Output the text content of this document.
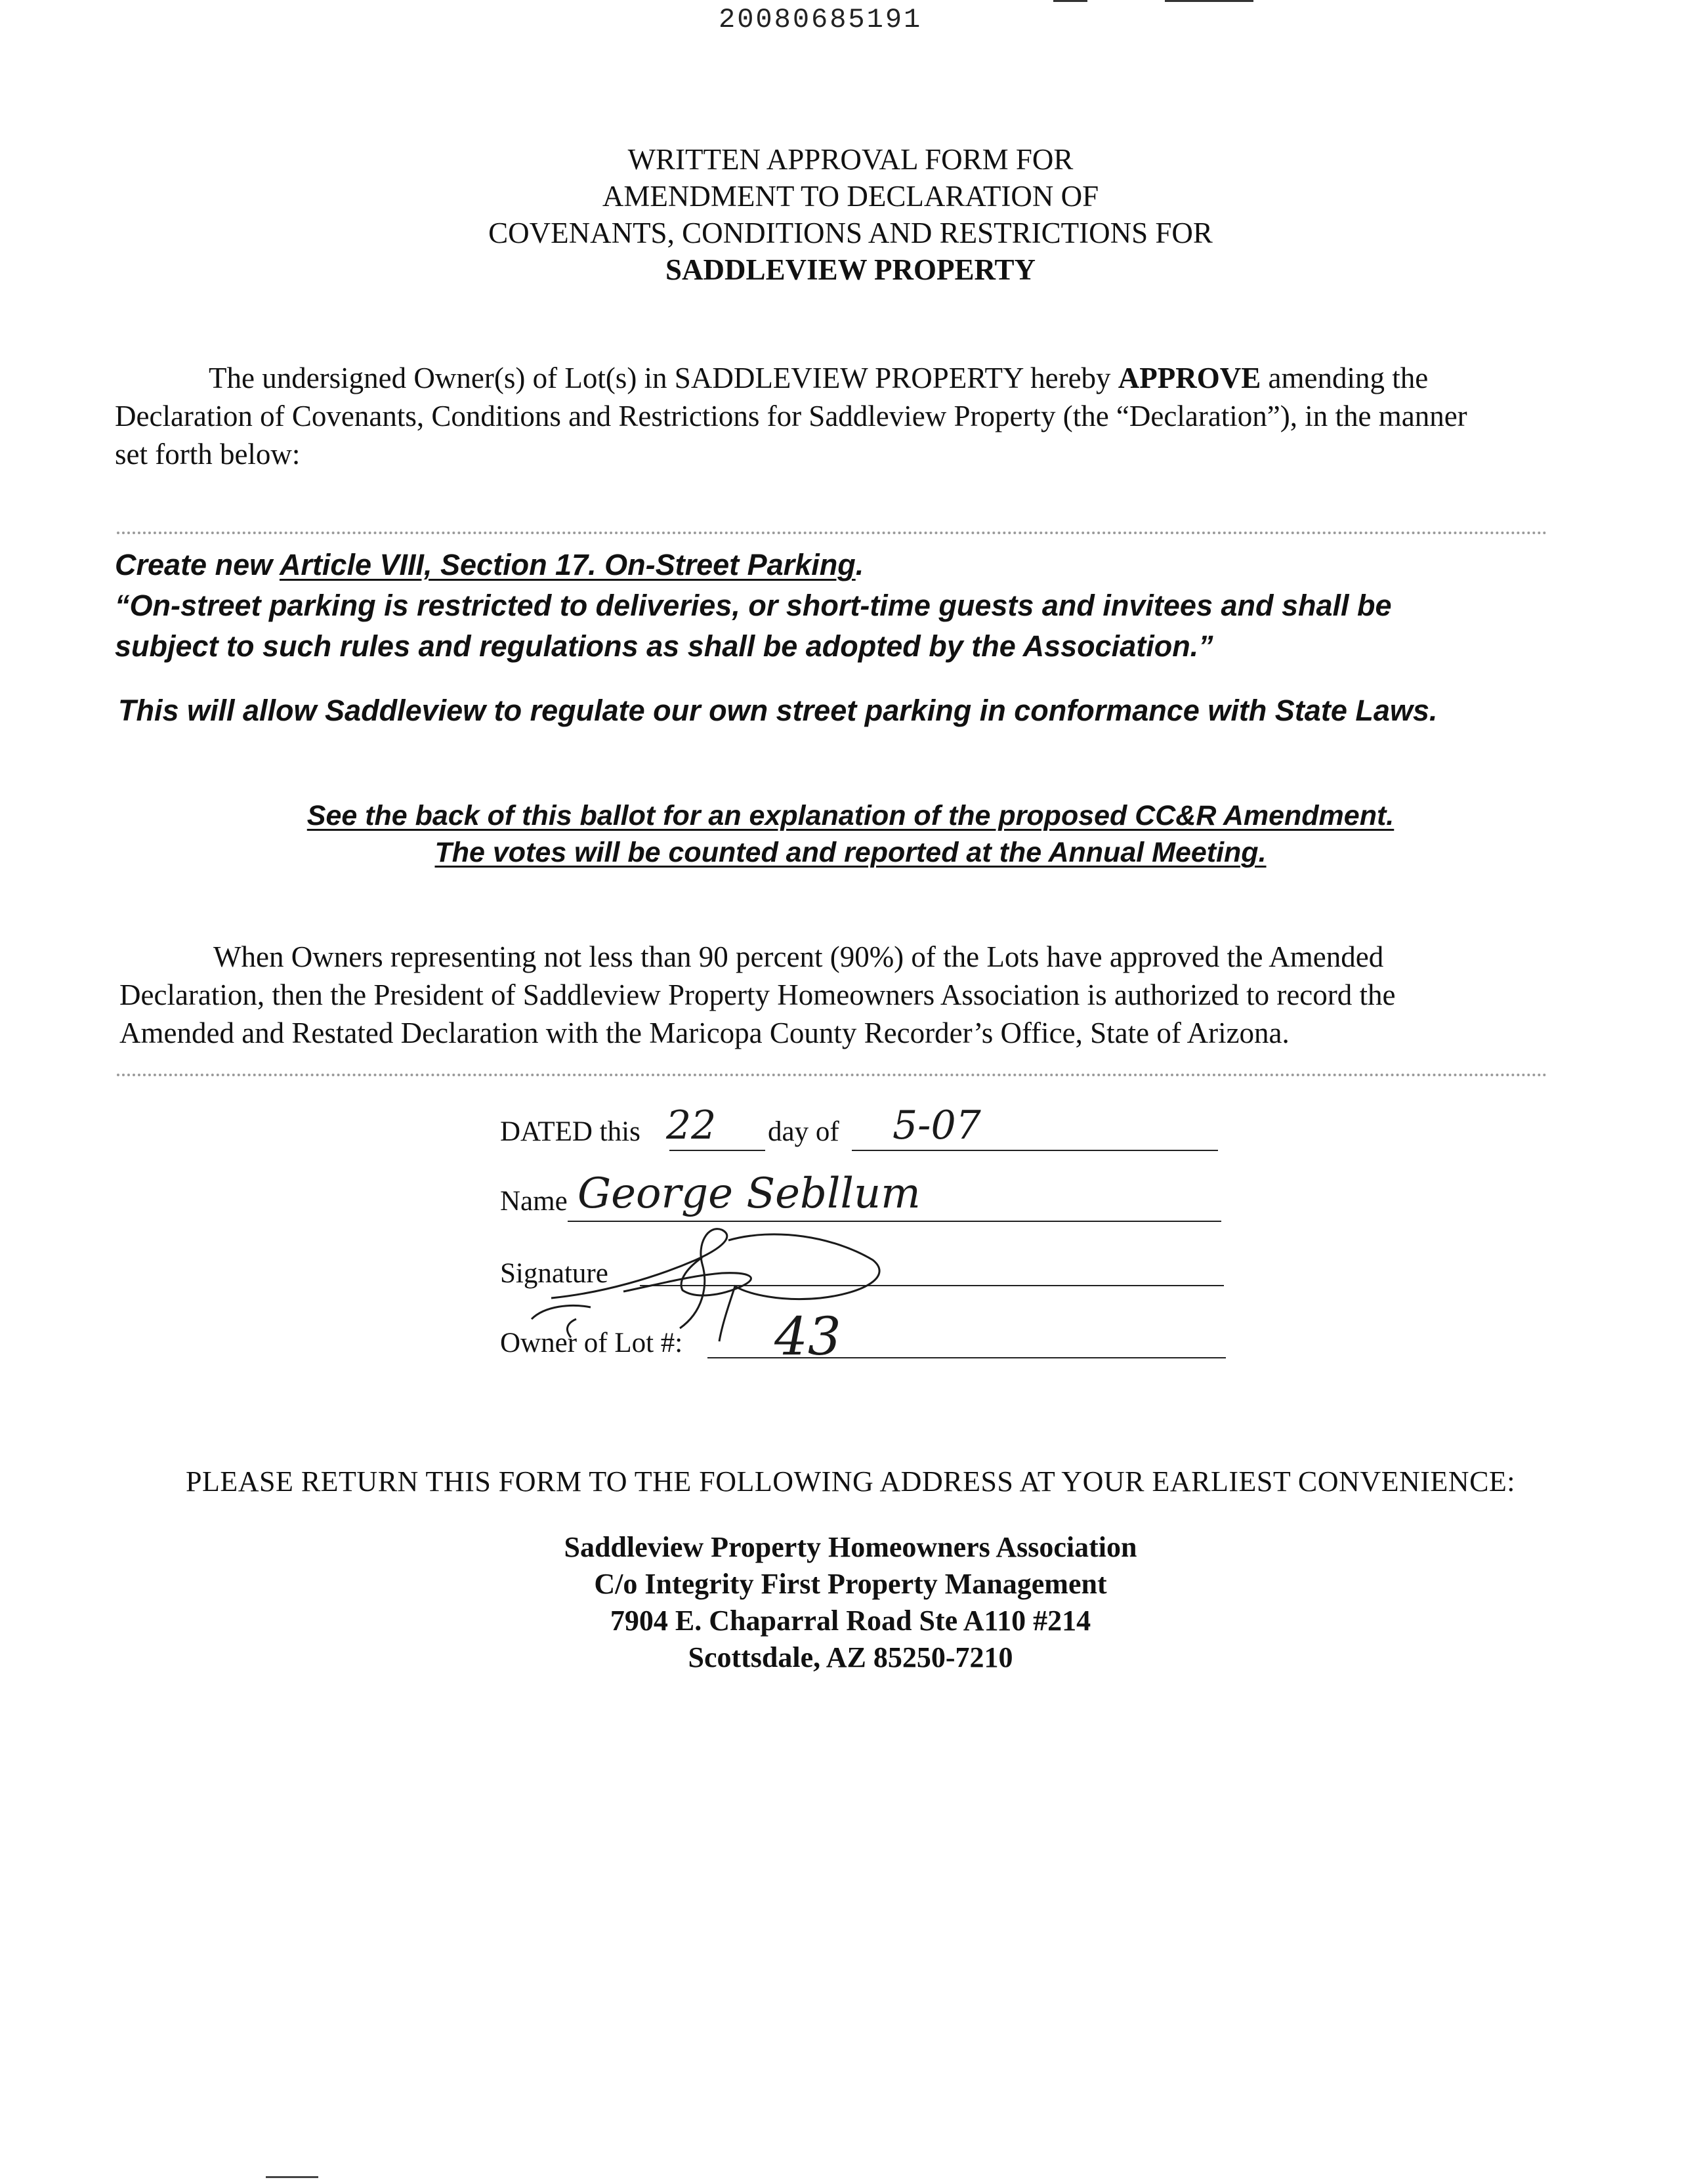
20080685191
WRITTEN APPROVAL FORM FOR
AMENDMENT TO DECLARATION OF
COVENANTS, CONDITIONS AND RESTRICTIONS FOR
SADDLEVIEW PROPERTY
The undersigned Owner(s) of Lot(s) in SADDLEVIEW PROPERTY hereby APPROVE amending the
Declaration of Covenants, Conditions and Restrictions for Saddleview Property (the “Declaration”), in the manner
set forth below:
Create new Article VIII, Section 17. On-Street Parking.
“On-street parking is restricted to deliveries, or short-time guests and invitees and shall be
subject to such rules and regulations as shall be adopted by the Association.”
This will allow Saddleview to regulate our own street parking in conformance with State Laws.
See the back of this ballot for an explanation of the proposed CC&R Amendment.
The votes will be counted and reported at the Annual Meeting.
When Owners representing not less than 90 percent (90%) of the Lots have approved the Amended
Declaration, then the President of Saddleview Property Homeowners Association is authorized to record the
Amended and Restated Declaration with the Maricopa County Recorder’s Office, State of Arizona.
DATED this 22 day of 5-07
Name George Sebllum
Signature
Owner of Lot #: 43
PLEASE RETURN THIS FORM TO THE FOLLOWING ADDRESS AT YOUR EARLIEST CONVENIENCE:
Saddleview Property Homeowners Association
C/o Integrity First Property Management
7904 E. Chaparral Road Ste A110 #214
Scottsdale, AZ 85250-7210
